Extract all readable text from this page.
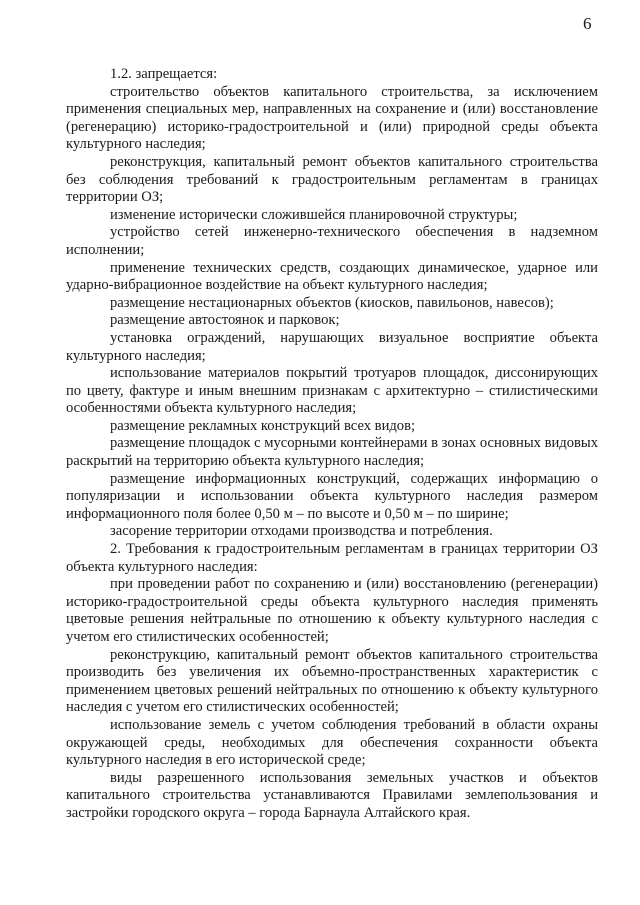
6

1.2. запрещается:

строительство объектов капитального строительства, за исключением применения специальных мер, направленных на сохранение и (или) восстановление (регенерацию) историко-градостроительной и (или) природной среды объекта культурного наследия;

реконструкция, капитальный ремонт объектов капитального строительства без соблюдения требований к градостроительным регламентам в границах территории ОЗ;

изменение исторически сложившейся планировочной структуры;

устройство сетей инженерно-технического обеспечения в надземном исполнении;

применение технических средств, создающих динамическое, ударное или ударно-вибрационное воздействие на объект культурного наследия;

размещение нестационарных объектов (киосков, павильонов, навесов);

размещение автостоянок и парковок;

установка ограждений, нарушающих визуальное восприятие объекта культурного наследия;

использование материалов покрытий тротуаров площадок, диссонирующих по цвету, фактуре и иным внешним признакам с архитектурно – стилистическими особенностями объекта культурного наследия;

размещение рекламных конструкций всех видов;

размещение площадок с мусорными контейнерами в зонах основных видовых раскрытий на территорию объекта культурного наследия;

размещение информационных конструкций, содержащих информацию о популяризации и использовании объекта культурного наследия размером информационного поля более 0,50 м – по высоте и 0,50 м – по ширине;

засорение территории отходами производства и потребления.

2. Требования к градостроительным регламентам в границах территории ОЗ объекта культурного наследия:

при проведении работ по сохранению и (или) восстановлению (регенерации) историко-градостроительной среды объекта культурного наследия применять цветовые решения нейтральные по отношению к объекту культурного наследия с учетом его стилистических особенностей;

реконструкцию, капитальный ремонт объектов капитального строительства производить без увеличения их объемно-пространственных характеристик с применением цветовых решений нейтральных по отношению к объекту культурного наследия с учетом его стилистических особенностей;

использование земель с учетом соблюдения требований в области охраны окружающей среды, необходимых для обеспечения сохранности объекта культурного наследия в его исторической среде;

виды разрешенного использования земельных участков и объектов капитального строительства устанавливаются Правилами землепользования и застройки городского округа – города Барнаула Алтайского края.
